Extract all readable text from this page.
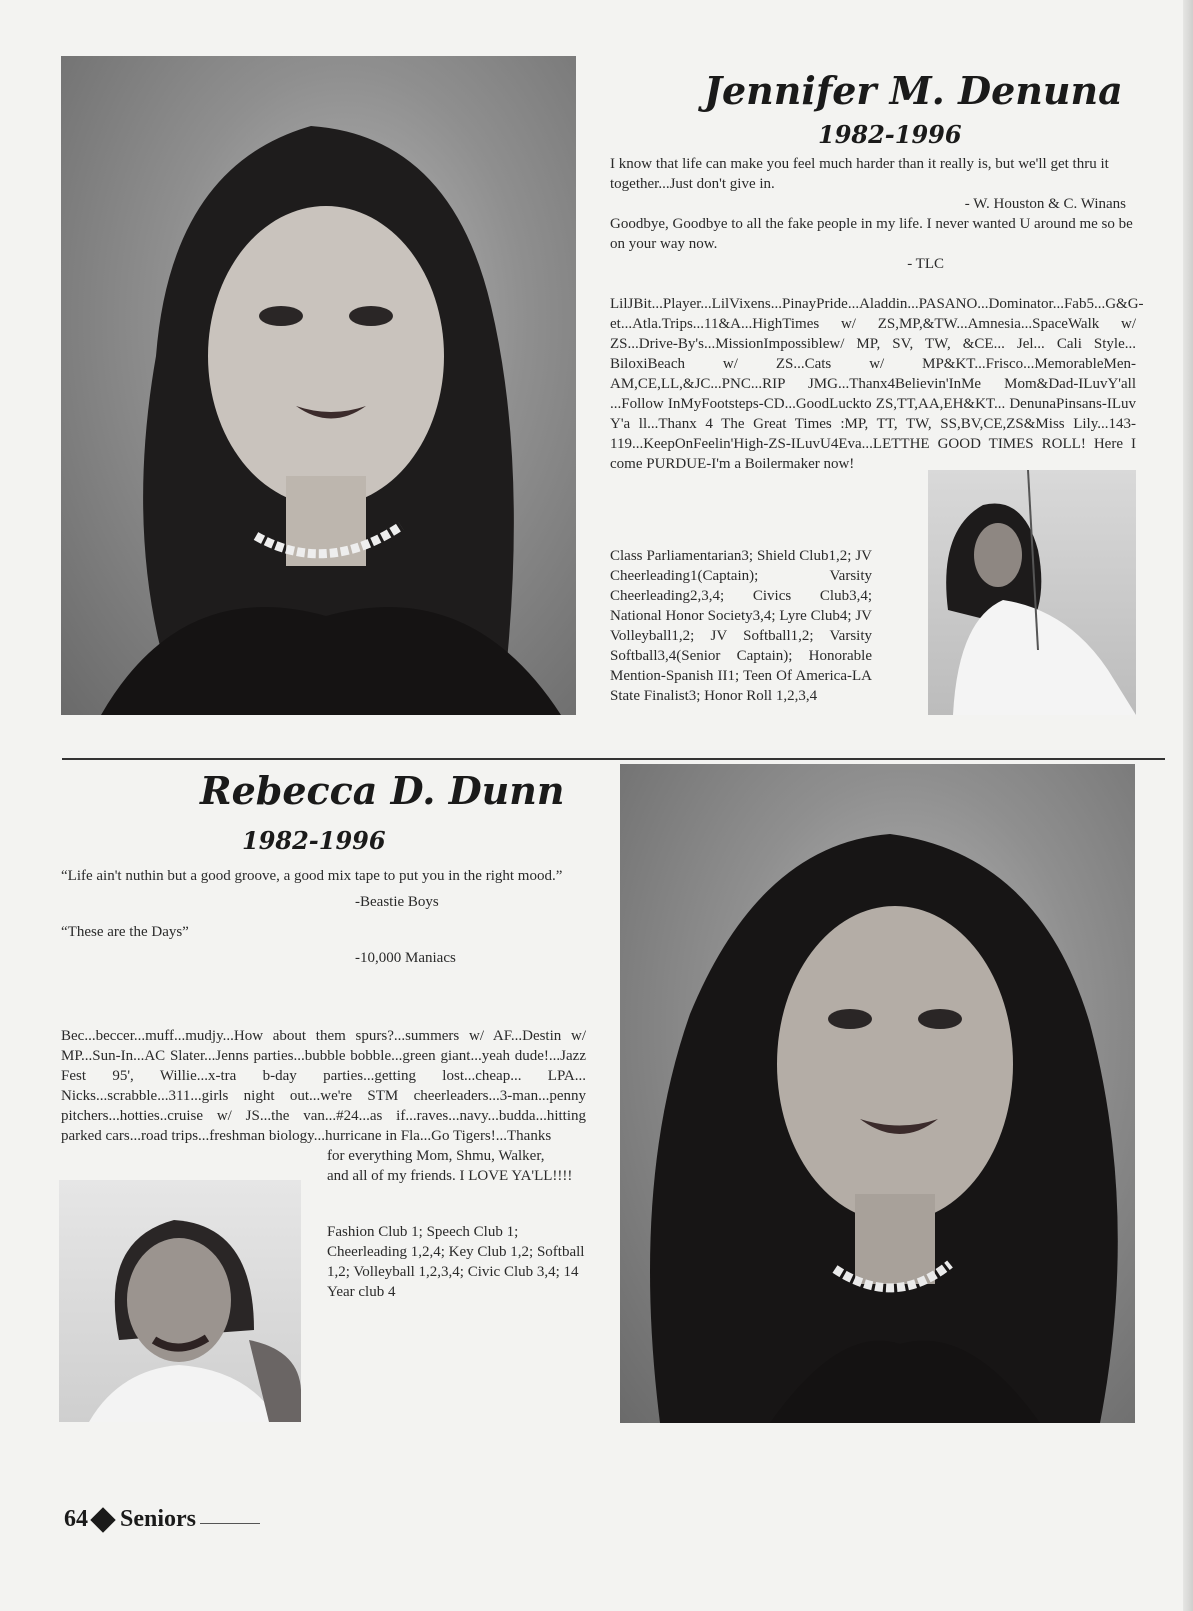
Jennifer M. Denuna
1982-1996

I know that life can make you feel much harder than it really is, but we'll get thru it together...Just don't give in.

- W. Houston & C. Winans

Goodbye, Goodbye to all the fake people in my life. I never wanted U around me so be on your way now.

- TLC

LilJBit...Player...LilVixens...PinayPride...Aladdin...PASANO...Dominator...Fab5...G&G-et...Atla.Trips...11&A...HighTimes w/ ZS,MP,&TW...Amnesia...SpaceWalk w/ ZS...Drive-By's...MissionImpossiblew/ MP, SV, TW, &CE... Jel... Cali Style... BiloxiBeach w/ ZS...Cats w/ MP&KT...Frisco...MemorableMen-AM,CE,LL,&JC...PNC...RIP JMG...Thanx4Believin'InMe Mom&Dad-ILuvY'all ...Follow InMyFootsteps-CD...GoodLuckto ZS,TT,AA,EH&KT... DenunaPinsans-ILuv Y'a ll...Thanx 4 The Great Times :MP, TT, TW, SS,BV,CE,ZS&Miss Lily...143-119...KeepOnFeelin'High-ZS-ILuvU4Eva...LETTHE GOOD TIMES ROLL! Here I come PURDUE-I'm a Boilermaker now!
Class Parliamentarian3; Shield Club1,2; JV Cheerleading1(Captain); Varsity Cheerleading2,3,4; Civics Club3,4; National Honor Society3,4; Lyre Club4; JV Volleyball1,2; JV Softball1,2; Varsity Softball3,4(Senior Captain); Honorable Mention-Spanish II1; Teen Of America-LA State Finalist3; Honor Roll 1,2,3,4
Rebecca D. Dunn
1982-1996

“Life ain't nuthin but a good groove, a good mix tape to put you in the right mood.”

-Beastie Boys

“These are the Days”

-10,000 Maniacs

Bec...beccer...muff...mudjy...How about them spurs?...summers w/ AF...Destin w/ MP...Sun-In...AC Slater...Jenns parties...bubble bobble...green giant...yeah dude!...Jazz Fest 95', Willie...x-tra b-day parties...getting lost...cheap... LPA... Nicks...scrabble...311...girls night out...we're STM cheerleaders...3-man...penny pitchers...hotties..cruise w/ JS...the van...#24...as if...raves...navy...budda...hitting parked cars...road trips...freshman biology...hurricane in Fla...Go Tigers!...Thanks
for everything Mom, Shmu, Walker,
and all of my friends. I LOVE YA'LL!!!!
Fashion Club 1; Speech Club 1; Cheerleading 1,2,4; Key Club 1,2; Softball 1,2; Volleyball 1,2,3,4; Civic Club 3,4; 14 Year club 4
64 Seniors
